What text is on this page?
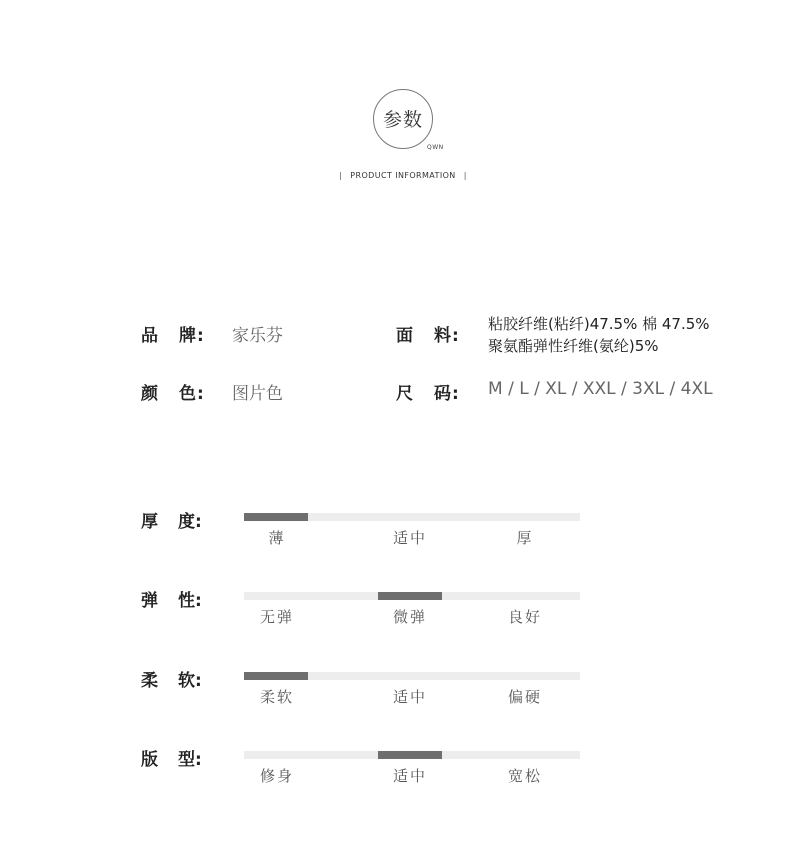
参数
QWN
| PRODUCT INFORMATION |
品 牌: 家乐芬	面 料:
粘胶纤维(粘纤)47.5% 棉 47.5%
聚氨酯弹性纤维(氨纶)5%
颜 色: 图片色	尺 码: M / L / XL / XXL / 3XL / 4XL
厚 度:
薄	适中	厚
弹 性:
无弹	微弹	良好
柔 软:
柔软	适中	偏硬
版 型:
修身	适中	宽松
